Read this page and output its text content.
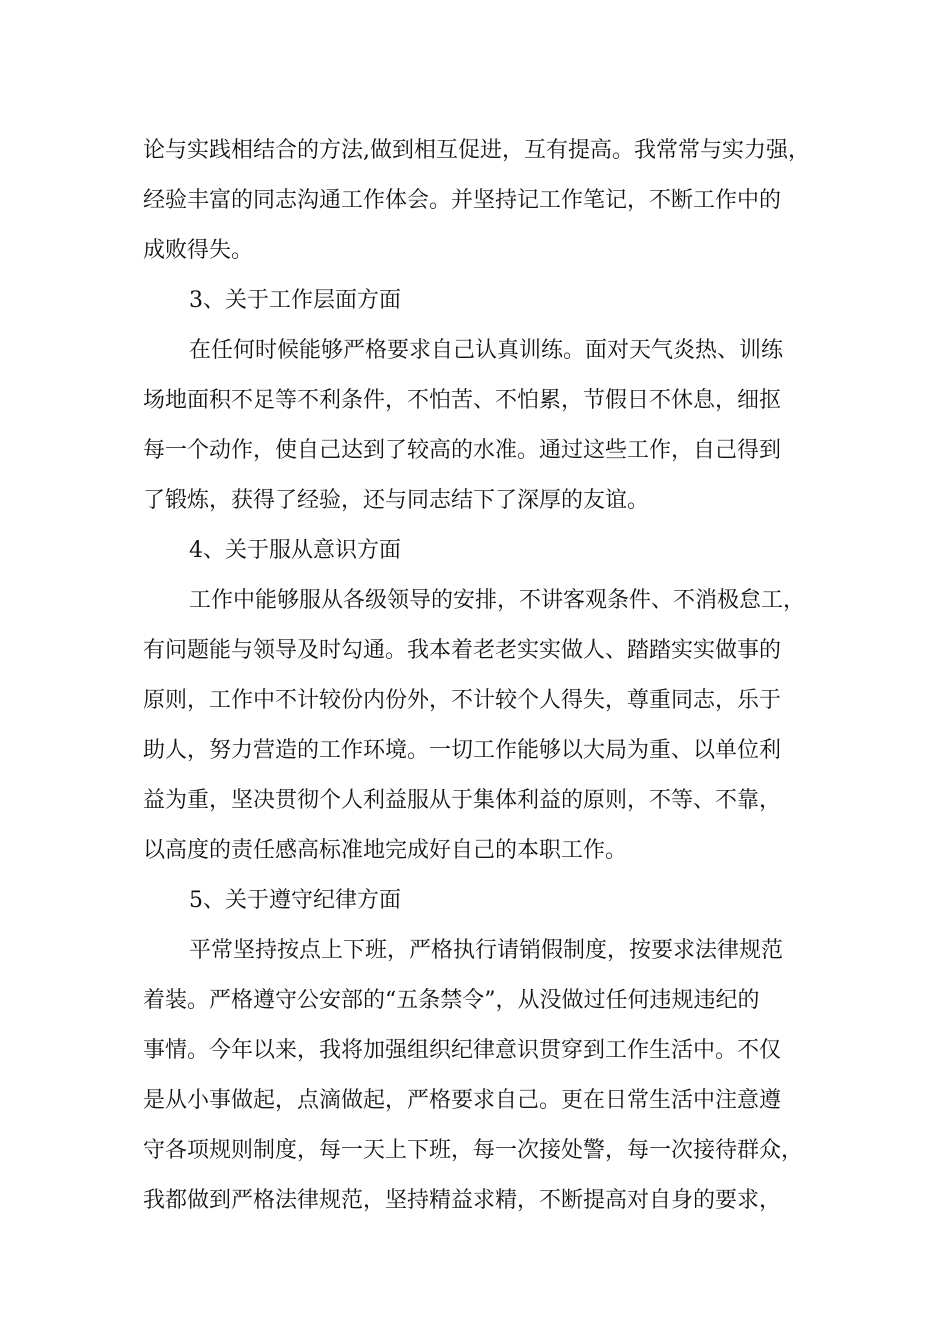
论与实践相结合的方法,做到相互促进，互有提高。我常常与实力强，
经验丰富的同志沟通工作体会。并坚持记工作笔记，不断工作中的
成败得失。
3、关于工作层面方面
在任何时候能够严格要求自己认真训练。面对天气炎热、训练
场地面积不足等不利条件，不怕苦、不怕累，节假日不休息，细抠
每一个动作，使自己达到了较高的水准。通过这些工作，自己得到
了锻炼，获得了经验，还与同志结下了深厚的友谊。
4、关于服从意识方面
工作中能够服从各级领导的安排，不讲客观条件、不消极怠工，
有问题能与领导及时勾通。我本着老老实实做人、踏踏实实做事的
原则，工作中不计较份内份外，不计较个人得失，尊重同志，乐于
助人，努力营造的工作环境。一切工作能够以大局为重、以单位利
益为重，坚决贯彻个人利益服从于集体利益的原则，不等、不靠，
以高度的责任感高标准地完成好自己的本职工作。
5、关于遵守纪律方面
平常坚持按点上下班，严格执行请销假制度，按要求法律规范
着装。严格遵守公安部的“五条禁令”，从没做过任何违规违纪的
事情。今年以来，我将加强组织纪律意识贯穿到工作生活中。不仅
是从小事做起，点滴做起，严格要求自己。更在日常生活中注意遵
守各项规则制度，每一天上下班，每一次接处警，每一次接待群众，
我都做到严格法律规范，坚持精益求精，不断提高对自身的要求，
